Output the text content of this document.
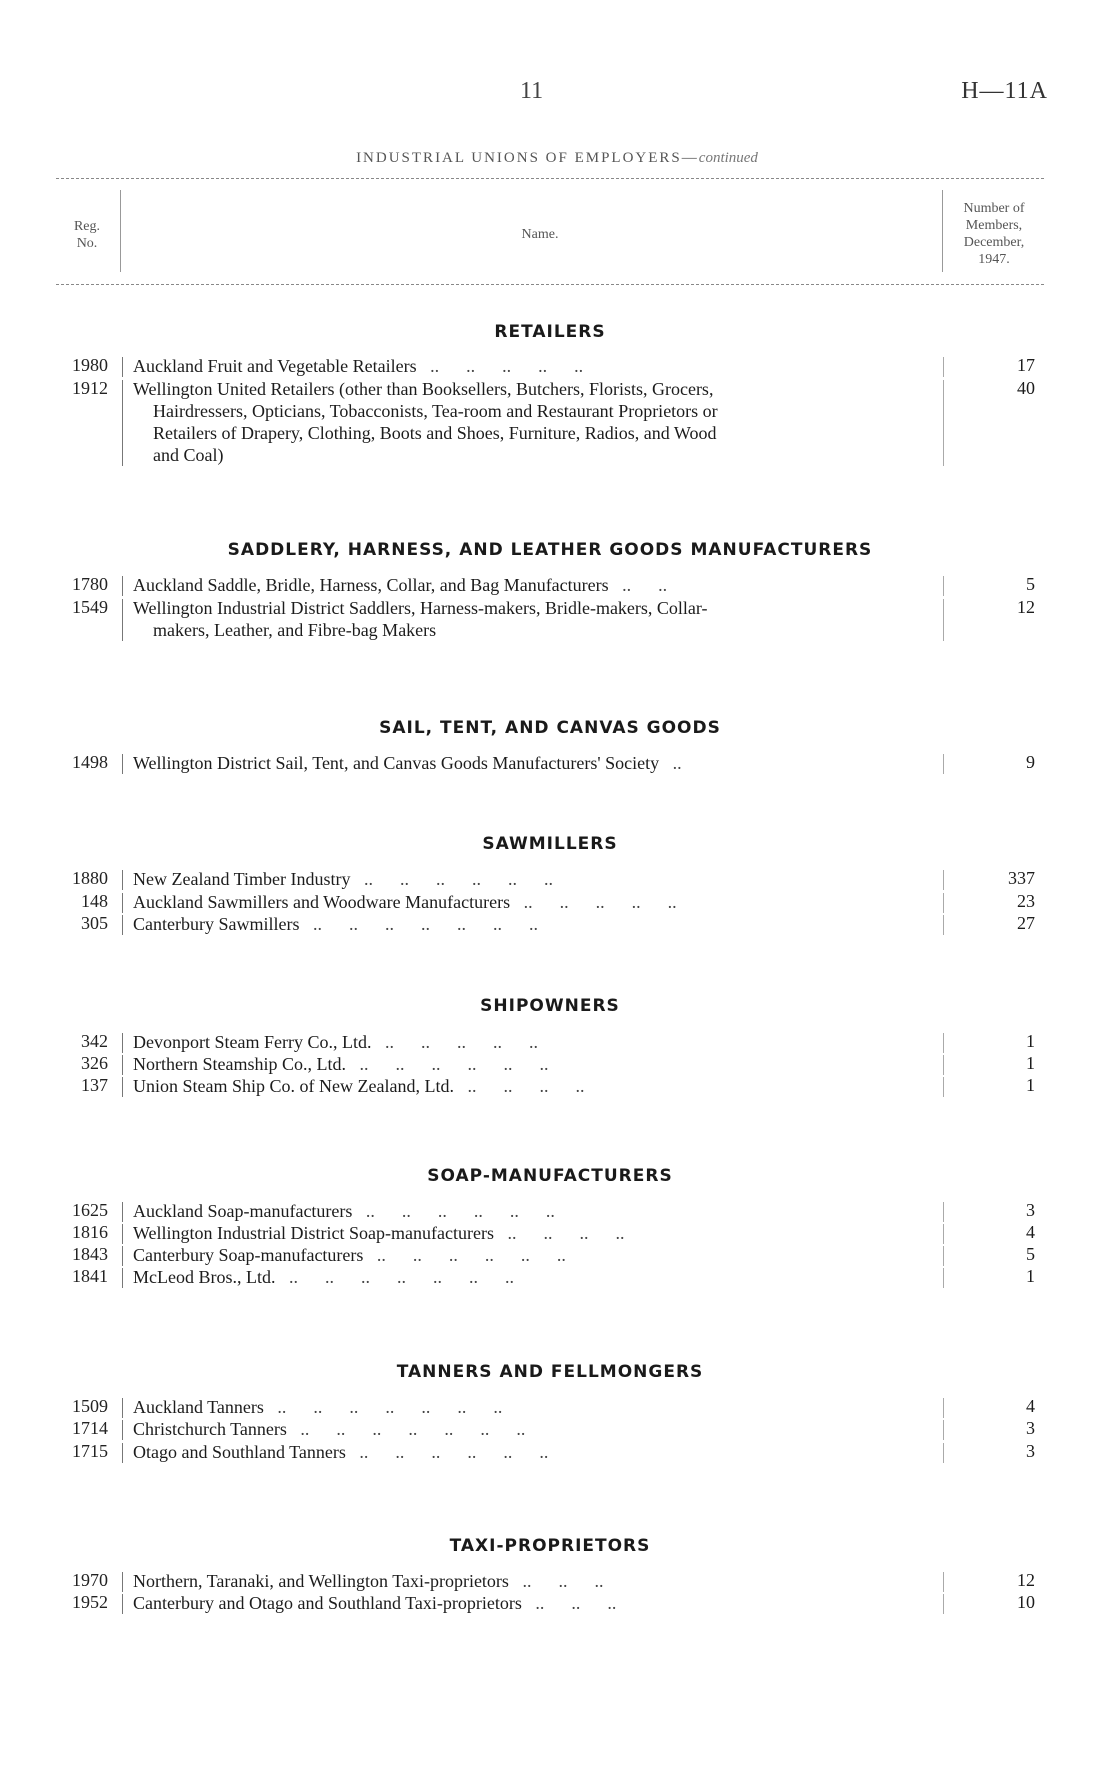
11	H—11A
INDUSTRIAL UNIONS OF EMPLOYERS—continued
Reg.
No.
Name.
Number of
Members,
December,
1947.
RETAILERS
1980 Auckland Fruit and Vegetable Retailers   ..      ..      ..      ..      ..	17
1912 Wellington United Retailers (other than Booksellers, Butchers, Florists, Grocers,
Hairdressers, Opticians, Tobacconists, Tea-room and Restaurant Proprietors or
Retailers of Drapery, Clothing, Boots and Shoes, Furniture, Radios, and Wood
and Coal)
40
SADDLERY, HARNESS, AND LEATHER GOODS MANUFACTURERS
1780 Auckland Saddle, Bridle, Harness, Collar, and Bag Manufacturers   ..      ..	5
1549 Wellington Industrial District Saddlers, Harness-makers, Bridle-makers, Collar-
makers, Leather, and Fibre-bag Makers
12
SAIL, TENT, AND CANVAS GOODS
1498 Wellington District Sail, Tent, and Canvas Goods Manufacturers' Society   ..	9
SAWMILLERS
1880 New Zealand Timber Industry   ..      ..      ..      ..      ..      ..	337
148 Auckland Sawmillers and Woodware Manufacturers   ..      ..      ..      ..      ..	23
305 Canterbury Sawmillers   ..      ..      ..      ..      ..      ..      ..	27
SHIPOWNERS
342 Devonport Steam Ferry Co., Ltd.   ..      ..      ..      ..      ..	1
326 Northern Steamship Co., Ltd.   ..      ..      ..      ..      ..      ..	1
137 Union Steam Ship Co. of New Zealand, Ltd.   ..      ..      ..      ..	1
SOAP-MANUFACTURERS
1625 Auckland Soap-manufacturers   ..      ..      ..      ..      ..      ..	3
1816 Wellington Industrial District Soap-manufacturers   ..      ..      ..      ..	4
1843 Canterbury Soap-manufacturers   ..      ..      ..      ..      ..      ..	5
1841 McLeod Bros., Ltd.   ..      ..      ..      ..      ..      ..      ..	1
TANNERS AND FELLMONGERS
1509 Auckland Tanners   ..      ..      ..      ..      ..      ..      ..	4
1714 Christchurch Tanners   ..      ..      ..      ..      ..      ..      ..	3
1715 Otago and Southland Tanners   ..      ..      ..      ..      ..      ..	3
TAXI-PROPRIETORS
1970 Northern, Taranaki, and Wellington Taxi-proprietors   ..      ..      ..	12
1952 Canterbury and Otago and Southland Taxi-proprietors   ..      ..      ..	10
